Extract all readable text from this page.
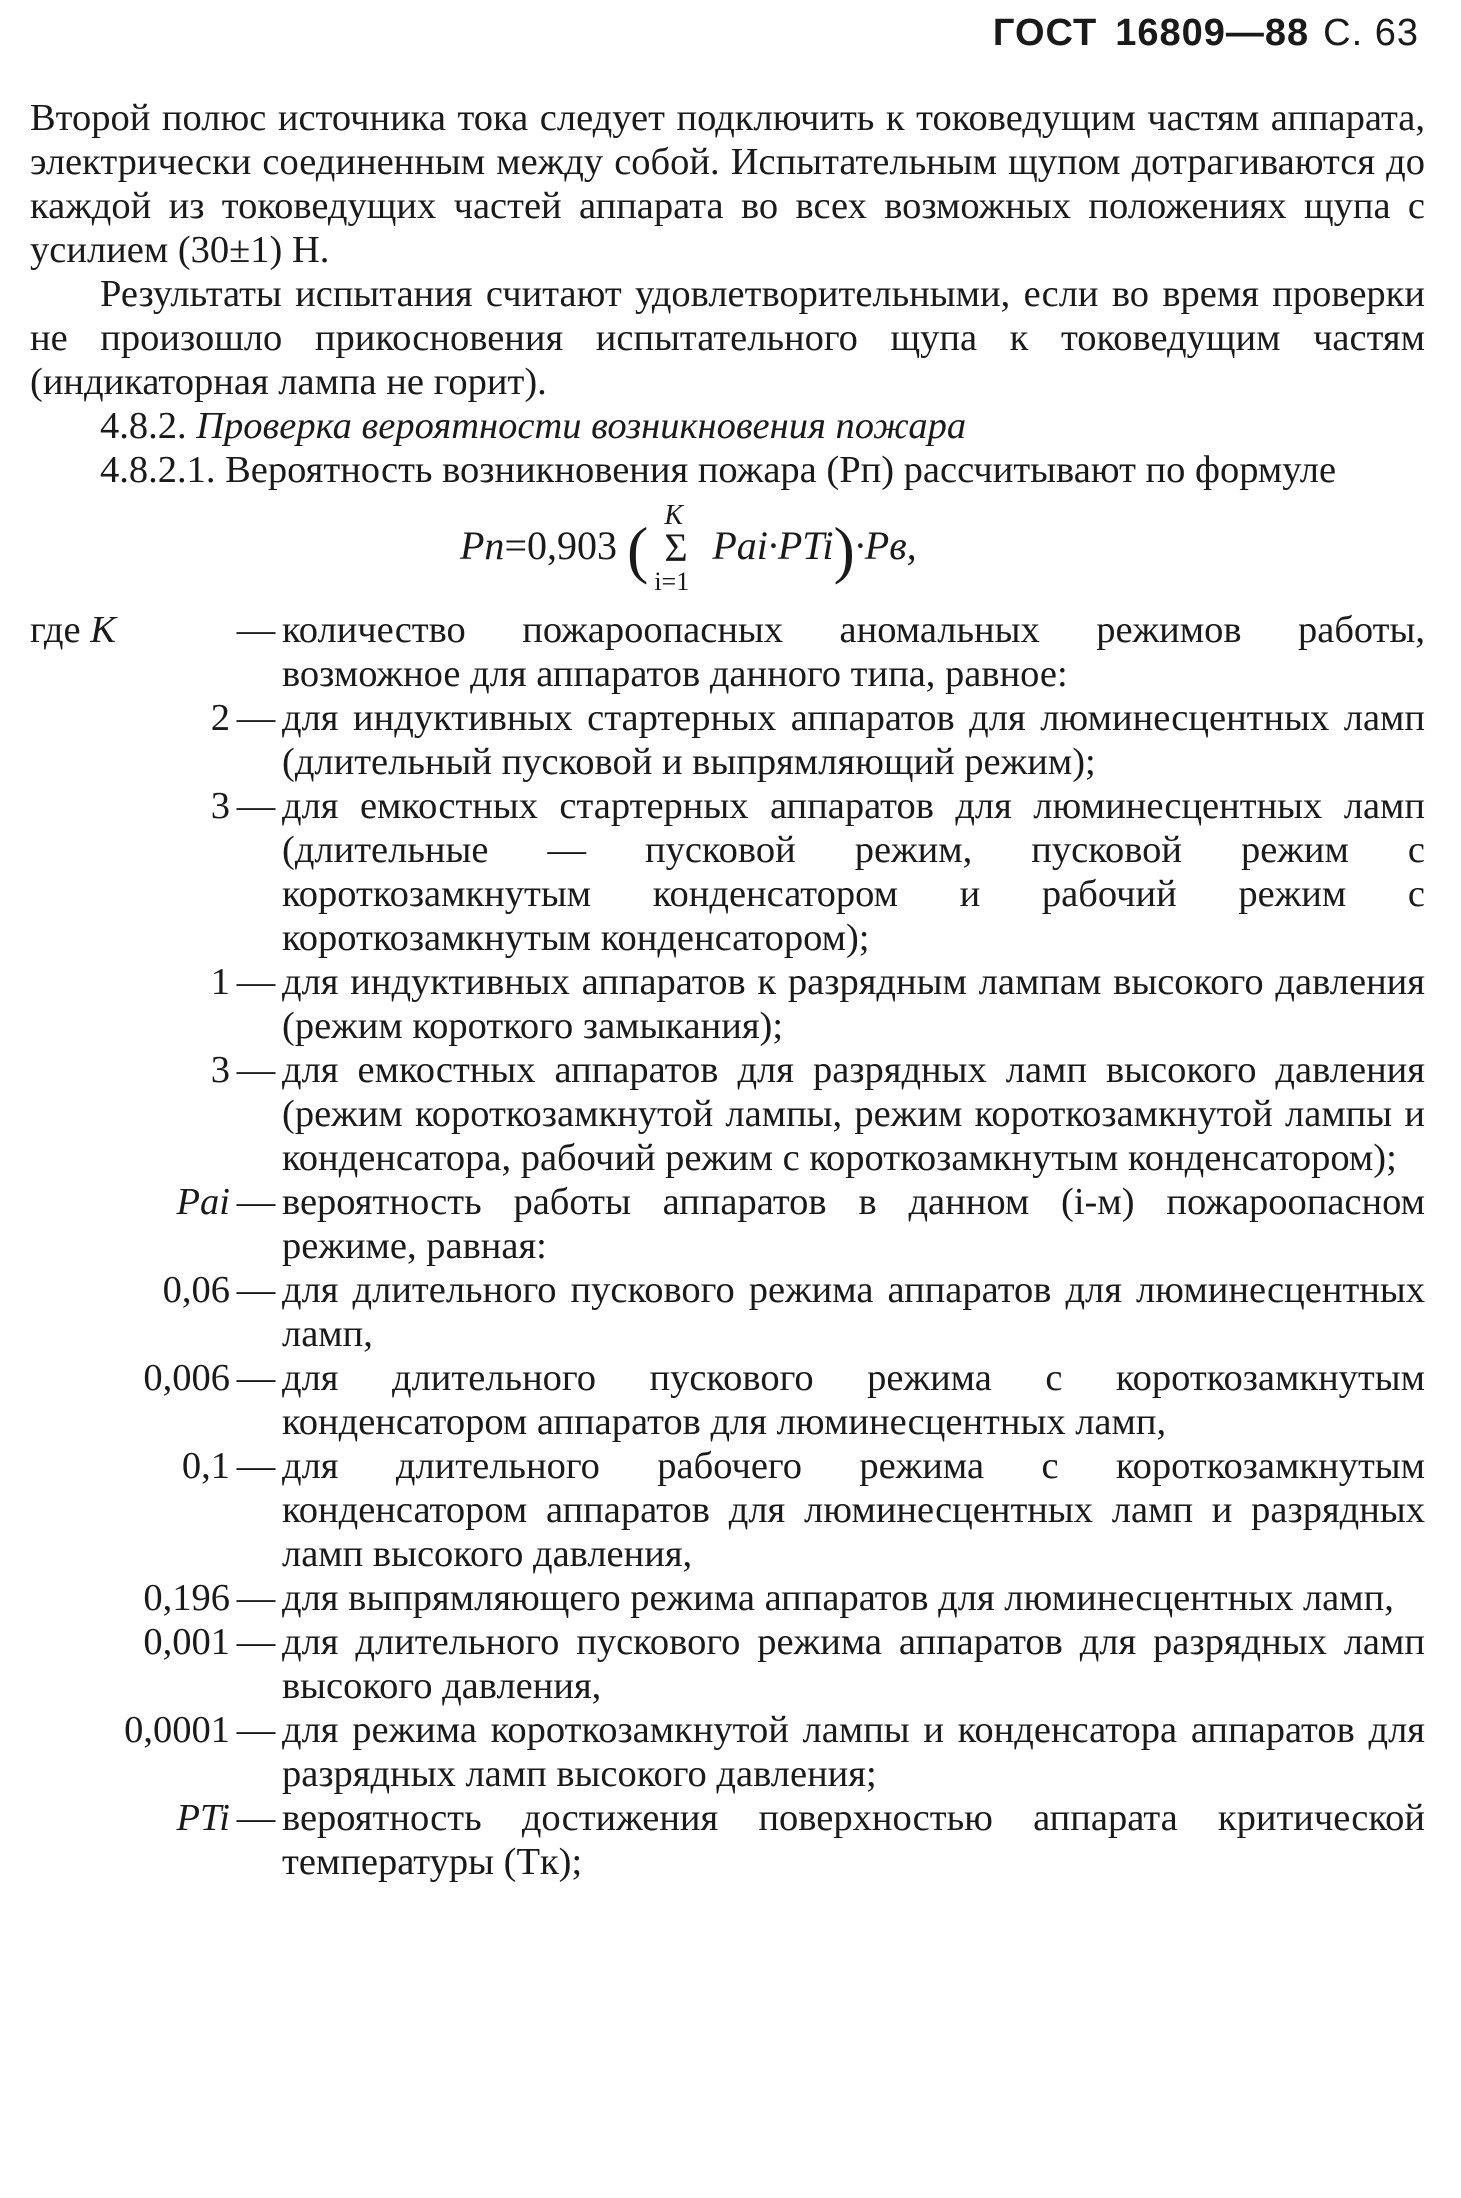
ГОСТ 16809—88 С. 63

Второй полюс источника тока следует подключить к токоведущим частям аппарата, электрически соединенным между собой. Испытательным щупом дотрагиваются до каждой из токоведущих частей аппарата во всех возможных положениях щупа с усилием (30±1) Н.

Результаты испытания считают удовлетворительными, если во время проверки не произошло прикосновения испытательного щупа к токоведущим частям (индикаторная лампа не горит).

4.8.2. Проверка вероятности возникновения пожара

4.8.2.1. Вероятность возникновения пожара (Pп) рассчитывают по формуле

Pп=0,903 ( K
Σ
i=1
Pai·PTi)·Pв,
где K	— количество пожароопасных аномальных режимов работы, возможное для аппаратов данного типа, равное:
2 — для индуктивных стартерных аппаратов для люминесцентных ламп (длительный пусковой и выпрямляющий режим);
3 — для емкостных стартерных аппаратов для люминесцентных ламп (длительные — пусковой режим, пусковой режим с короткозамкнутым конденсатором и рабочий режим с короткозамкнутым конденсатором);
1 — для индуктивных аппаратов к разрядным лампам высокого давления (режим короткого замыкания);
3 — для емкостных аппаратов для разрядных ламп высокого давления (режим короткозамкнутой лампы, режим короткозамкнутой лампы и конденсатора, рабочий режим с короткозамкнутым конденсатором);
Pai — вероятность работы аппаратов в данном (i-м) пожароопасном режиме, равная:
0,06 — для длительного пускового режима аппаратов для люминесцентных ламп,
0,006 — для длительного пускового режима с короткозамкнутым конденсатором аппаратов для люминесцентных ламп,
0,1 — для длительного рабочего режима с короткозамкнутым конденсатором аппаратов для люминесцентных ламп и разрядных ламп высокого давления,
0,196 — для выпрямляющего режима аппаратов для люминесцентных ламп,
0,001 — для длительного пускового режима аппаратов для разрядных ламп высокого давления,
0,0001 — для режима короткозамкнутой лампы и конденсатора аппаратов для разрядных ламп высокого давления;
PTi — вероятность достижения поверхностью аппарата критической температуры (Tк);
